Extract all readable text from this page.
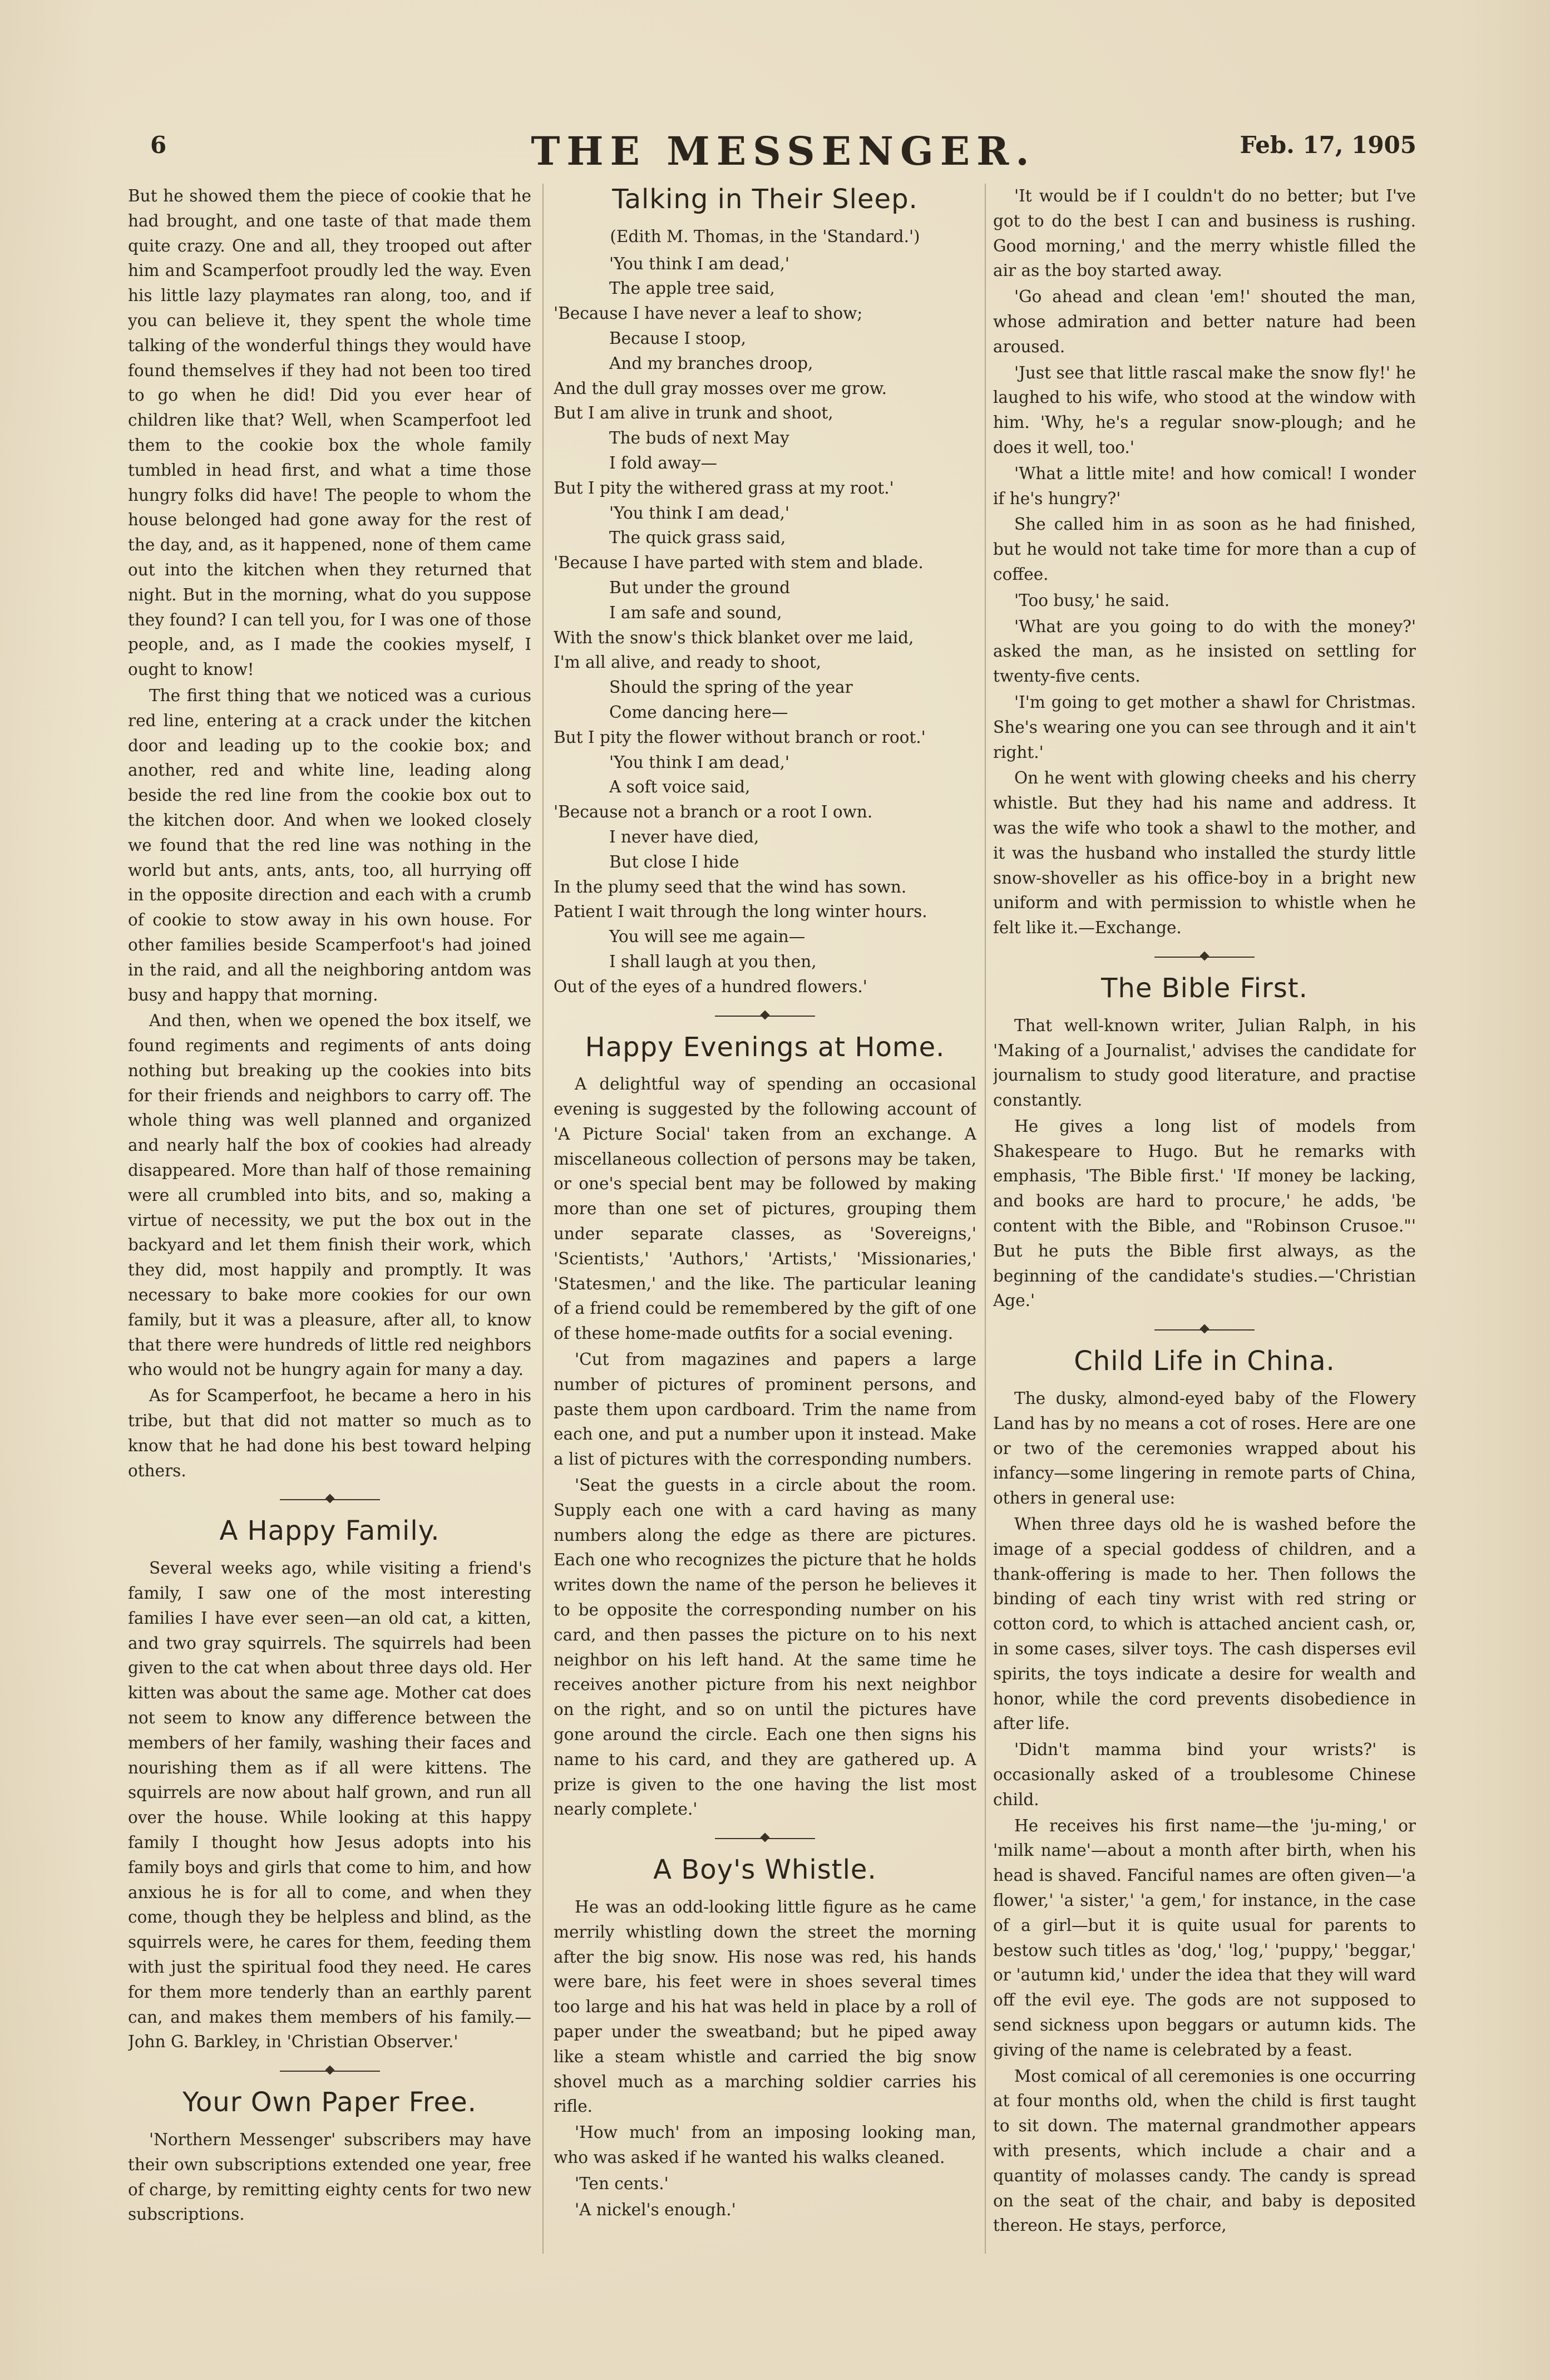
6	THE MESSENGER.	Feb. 17, 1905

But he showed them the piece of cookie that he had brought, and one taste of that made them quite crazy. One and all, they trooped out after him and Scamperfoot proudly led the way. Even his little lazy playmates ran along, too, and if you can believe it, they spent the whole time talking of the wonderful things they would have found themselves if they had not been too tired to go when he did! Did you ever hear of children like that? Well, when Scamperfoot led them to the cookie box the whole family tumbled in head first, and what a time those hungry folks did have! The people to whom the house belonged had gone away for the rest of the day, and, as it happened, none of them came out into the kitchen when they returned that night. But in the morning, what do you suppose they found? I can tell you, for I was one of those people, and, as I made the cookies myself, I ought to know!

The first thing that we noticed was a curious red line, entering at a crack under the kitchen door and leading up to the cookie box; and another, red and white line, leading along beside the red line from the cookie box out to the kitchen door. And when we looked closely we found that the red line was nothing in the world but ants, ants, ants, too, all hurrying off in the opposite direction and each with a crumb of cookie to stow away in his own house. For other families beside Scamperfoot's had joined in the raid, and all the neighboring antdom was busy and happy that morning.

And then, when we opened the box itself, we found regiments and regiments of ants doing nothing but breaking up the cookies into bits for their friends and neighbors to carry off. The whole thing was well planned and organized and nearly half the box of cookies had already disappeared. More than half of those remaining were all crumbled into bits, and so, making a virtue of necessity, we put the box out in the backyard and let them finish their work, which they did, most happily and promptly. It was necessary to bake more cookies for our own family, but it was a pleasure, after all, to know that there were hundreds of little red neighbors who would not be hungry again for many a day.

As for Scamperfoot, he became a hero in his tribe, but that did not matter so much as to know that he had done his best toward helping others.

A Happy Family.

Several weeks ago, while visiting a friend's family, I saw one of the most interesting families I have ever seen—an old cat, a kitten, and two gray squirrels. The squirrels had been given to the cat when about three days old. Her kitten was about the same age. Mother cat does not seem to know any difference between the members of her family, washing their faces and nourishing them as if all were kittens. The squirrels are now about half grown, and run all over the house. While looking at this happy family I thought how Jesus adopts into his family boys and girls that come to him, and how anxious he is for all to come, and when they come, though they be helpless and blind, as the squirrels were, he cares for them, feeding them with just the spiritual food they need. He cares for them more tenderly than an earthly parent can, and makes them members of his family.—John G. Barkley, in 'Christian Observer.'

Your Own Paper Free.

'Northern Messenger' subscribers may have their own subscriptions extended one year, free of charge, by remitting eighty cents for two new subscriptions.

Talking in Their Sleep.
(Edith M. Thomas, in the 'Standard.')
'You think I am dead,'
The apple tree said,
'Because I have never a leaf to show;
Because I stoop,
And my branches droop,
And the dull gray mosses over me grow.
But I am alive in trunk and shoot,
The buds of next May
I fold away—
But I pity the withered grass at my root.'
'You think I am dead,'
The quick grass said,
'Because I have parted with stem and blade.
But under the ground
I am safe and sound,
With the snow's thick blanket over me laid,
I'm all alive, and ready to shoot,
Should the spring of the year
Come dancing here—
But I pity the flower without branch or root.'
'You think I am dead,'
A soft voice said,
'Because not a branch or a root I own.
I never have died,
But close I hide
In the plumy seed that the wind has sown.
Patient I wait through the long winter hours.
You will see me again—
I shall laugh at you then,
Out of the eyes of a hundred flowers.'
Happy Evenings at Home.

A delightful way of spending an occasional evening is suggested by the following account of 'A Picture Social' taken from an exchange. A miscellaneous collection of persons may be taken, or one's special bent may be followed by making more than one set of pictures, grouping them under separate classes, as 'Sovereigns,' 'Scientists,' 'Authors,' 'Artists,' 'Missionaries,' 'Statesmen,' and the like. The particular leaning of a friend could be remembered by the gift of one of these home-made outfits for a social evening.

'Cut from magazines and papers a large number of pictures of prominent persons, and paste them upon cardboard. Trim the name from each one, and put a number upon it instead. Make a list of pictures with the corresponding numbers.

'Seat the guests in a circle about the room. Supply each one with a card having as many numbers along the edge as there are pictures. Each one who recognizes the picture that he holds writes down the name of the person he believes it to be opposite the corresponding number on his card, and then passes the picture on to his next neighbor on his left hand. At the same time he receives another picture from his next neighbor on the right, and so on until the pictures have gone around the circle. Each one then signs his name to his card, and they are gathered up. A prize is given to the one having the list most nearly complete.'

A Boy's Whistle.

He was an odd-looking little figure as he came merrily whistling down the street the morning after the big snow. His nose was red, his hands were bare, his feet were in shoes several times too large and his hat was held in place by a roll of paper under the sweatband; but he piped away like a steam whistle and carried the big snow shovel much as a marching soldier carries his rifle.

'How much' from an imposing looking man, who was asked if he wanted his walks cleaned.

'Ten cents.'

'A nickel's enough.'

'It would be if I couldn't do no better; but I've got to do the best I can and business is rushing. Good morning,' and the merry whistle filled the air as the boy started away.

'Go ahead and clean 'em!' shouted the man, whose admiration and better nature had been aroused.

'Just see that little rascal make the snow fly!' he laughed to his wife, who stood at the window with him. 'Why, he's a regular snow-plough; and he does it well, too.'

'What a little mite! and how comical! I wonder if he's hungry?'

She called him in as soon as he had finished, but he would not take time for more than a cup of coffee.

'Too busy,' he said.

'What are you going to do with the money?' asked the man, as he insisted on settling for twenty-five cents.

'I'm going to get mother a shawl for Christmas. She's wearing one you can see through and it ain't right.'

On he went with glowing cheeks and his cherry whistle. But they had his name and address. It was the wife who took a shawl to the mother, and it was the husband who installed the sturdy little snow-shoveller as his office-boy in a bright new uniform and with permission to whistle when he felt like it.—Exchange.

The Bible First.

That well-known writer, Julian Ralph, in his 'Making of a Journalist,' advises the candidate for journalism to study good literature, and practise constantly.

He gives a long list of models from Shakespeare to Hugo. But he remarks with emphasis, 'The Bible first.' 'If money be lacking, and books are hard to procure,' he adds, 'be content with the Bible, and "Robinson Crusoe."' But he puts the Bible first always, as the beginning of the candidate's studies.—'Christian Age.'

Child Life in China.

The dusky, almond-eyed baby of the Flowery Land has by no means a cot of roses. Here are one or two of the ceremonies wrapped about his infancy—some lingering in remote parts of China, others in general use:

When three days old he is washed before the image of a special goddess of children, and a thank-offering is made to her. Then follows the binding of each tiny wrist with red string or cotton cord, to which is attached ancient cash, or, in some cases, silver toys. The cash disperses evil spirits, the toys indicate a desire for wealth and honor, while the cord prevents disobedience in after life.

'Didn't mamma bind your wrists?' is occasionally asked of a troublesome Chinese child.

He receives his first name—the 'ju-ming,' or 'milk name'—about a month after birth, when his head is shaved. Fanciful names are often given—'a flower,' 'a sister,' 'a gem,' for instance, in the case of a girl—but it is quite usual for parents to bestow such titles as 'dog,' 'log,' 'puppy,' 'beggar,' or 'autumn kid,' under the idea that they will ward off the evil eye. The gods are not supposed to send sickness upon beggars or autumn kids. The giving of the name is celebrated by a feast.

Most comical of all ceremonies is one occurring at four months old, when the child is first taught to sit down. The maternal grandmother appears with presents, which include a chair and a quantity of molasses candy. The candy is spread on the seat of the chair, and baby is deposited thereon. He stays, perforce,
